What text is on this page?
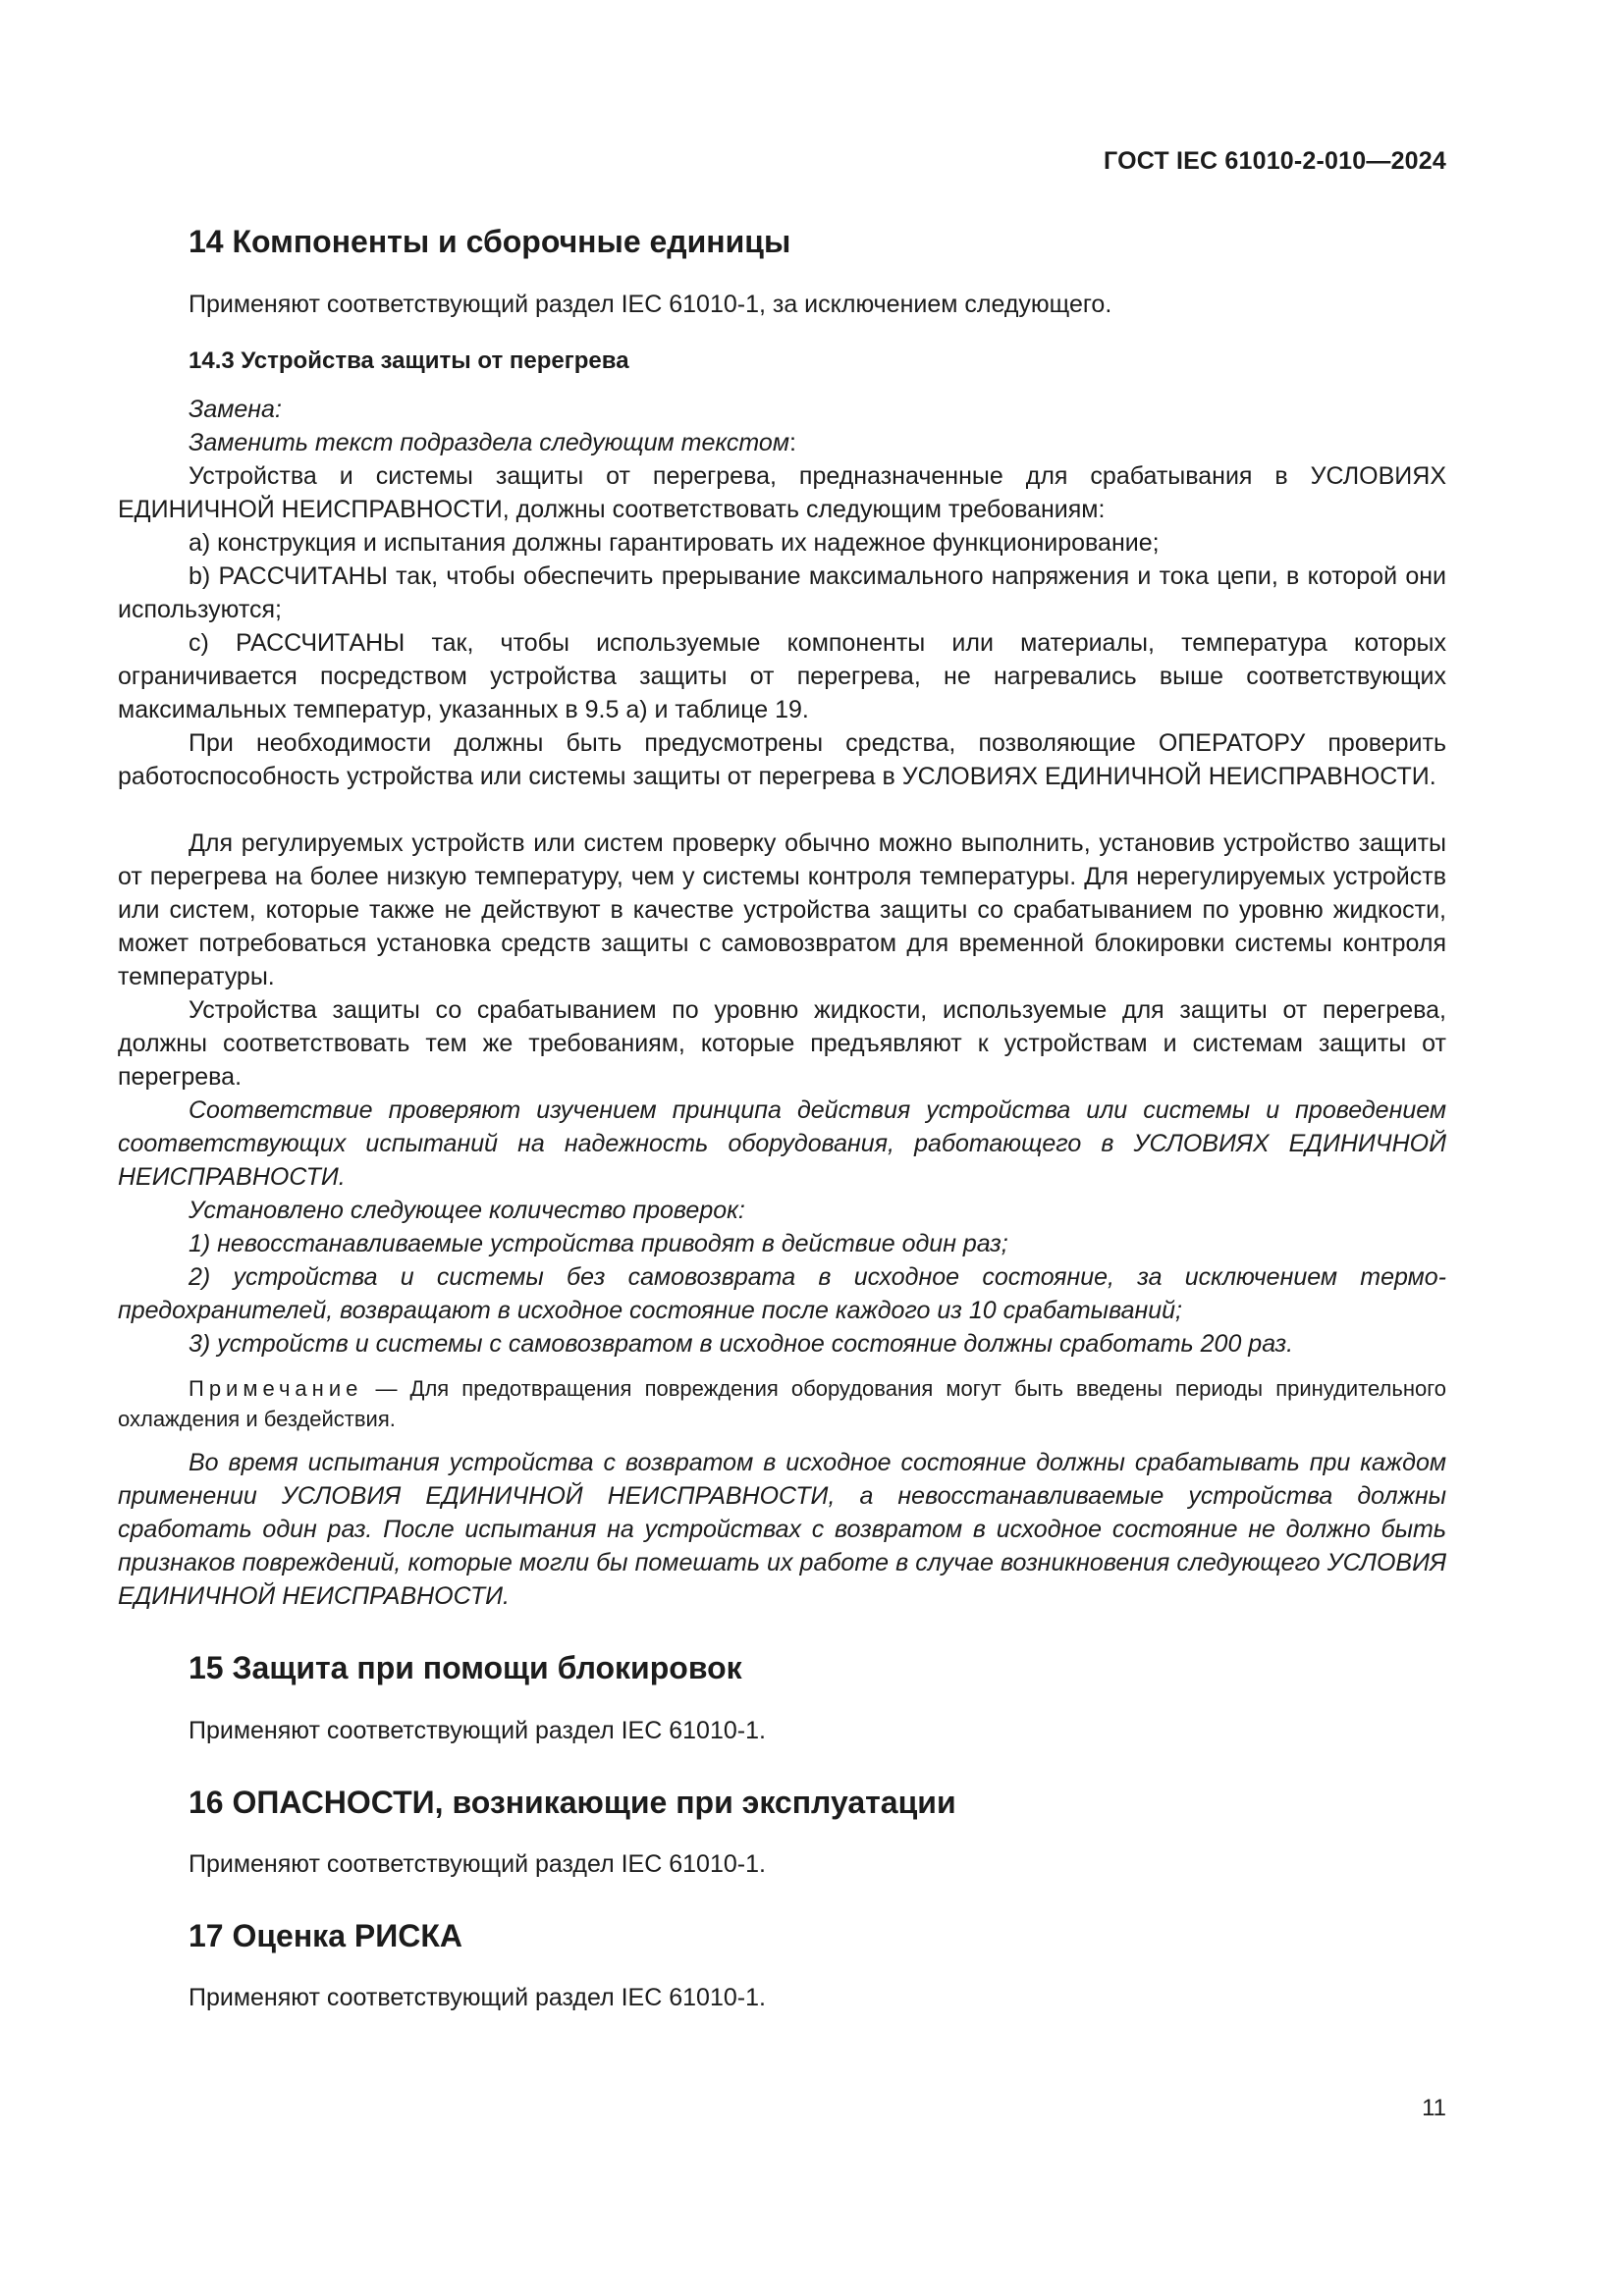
ГОСТ IEC 61010-2-010—2024
14 Компоненты и сборочные единицы

Применяют соответствующий раздел IEC 61010-1, за исключением следующего.

14.3 Устройства защиты от перегрева

Замена:

Заменить текст подраздела следующим текстом:

Устройства и системы защиты от перегрева, предназначенные для срабатывания в УСЛОВИЯХ ЕДИНИЧНОЙ НЕИСПРАВНОСТИ, должны соответствовать следующим требованиям:

a) конструкция и испытания должны гарантировать их надежное функционирование;

b) РАССЧИТАНЫ так, чтобы обеспечить прерывание максимального напряжения и тока цепи, в которой они используются;

c) РАССЧИТАНЫ так, чтобы используемые компоненты или материалы, температура которых ограничивается посредством устройства защиты от перегрева, не нагревались выше соответствующих максимальных температур, указанных в 9.5 а) и таблице 19.

При необходимости должны быть предусмотрены средства, позволяющие ОПЕРАТОРУ проверить работоспособность устройства или системы защиты от перегрева в УСЛОВИЯХ ЕДИНИЧНОЙ НЕИСПРАВНОСТИ.

Для регулируемых устройств или систем проверку обычно можно выполнить, установив устройство защиты от перегрева на более низкую температуру, чем у системы контроля температуры. Для нерегулируемых устройств или систем, которые также не действуют в качестве устройства защиты со срабатыванием по уровню жидкости, может потребоваться установка средств защиты с самовозвратом для временной блокировки системы контроля температуры.

Устройства защиты со срабатыванием по уровню жидкости, используемые для защиты от перегрева, должны соответствовать тем же требованиям, которые предъявляют к устройствам и системам защиты от перегрева.

Соответствие проверяют изучением принципа действия устройства или системы и проведением соответствующих испытаний на надежность оборудования, работающего в УСЛОВИЯХ ЕДИНИЧНОЙ НЕИСПРАВНОСТИ.

Установлено следующее количество проверок:

1) невосстанавливаемые устройства приводят в действие один раз;

2) устройства и системы без самовозврата в исходное состояние, за исключением термопредохранителей, возвращают в исходное состояние после каждого из 10 срабатываний;

3) устройств и системы с самовозвратом в исходное состояние должны сработать 200 раз.

Примечание — Для предотвращения повреждения оборудования могут быть введены периоды принудительного охлаждения и бездействия.

Во время испытания устройства с возвратом в исходное состояние должны срабатывать при каждом применении УСЛОВИЯ ЕДИНИЧНОЙ НЕИСПРАВНОСТИ, а невосстанавливаемые устройства должны сработать один раз. После испытания на устройствах с возвратом в исходное состояние не должно быть признаков повреждений, которые могли бы помешать их работе в случае возникновения следующего УСЛОВИЯ ЕДИНИЧНОЙ НЕИСПРАВНОСТИ.

15 Защита при помощи блокировок

Применяют соответствующий раздел IEC 61010-1.

16 ОПАСНОСТИ, возникающие при эксплуатации

Применяют соответствующий раздел IEC 61010-1.

17 Оценка РИСКА

Применяют соответствующий раздел IEC 61010-1.

11
